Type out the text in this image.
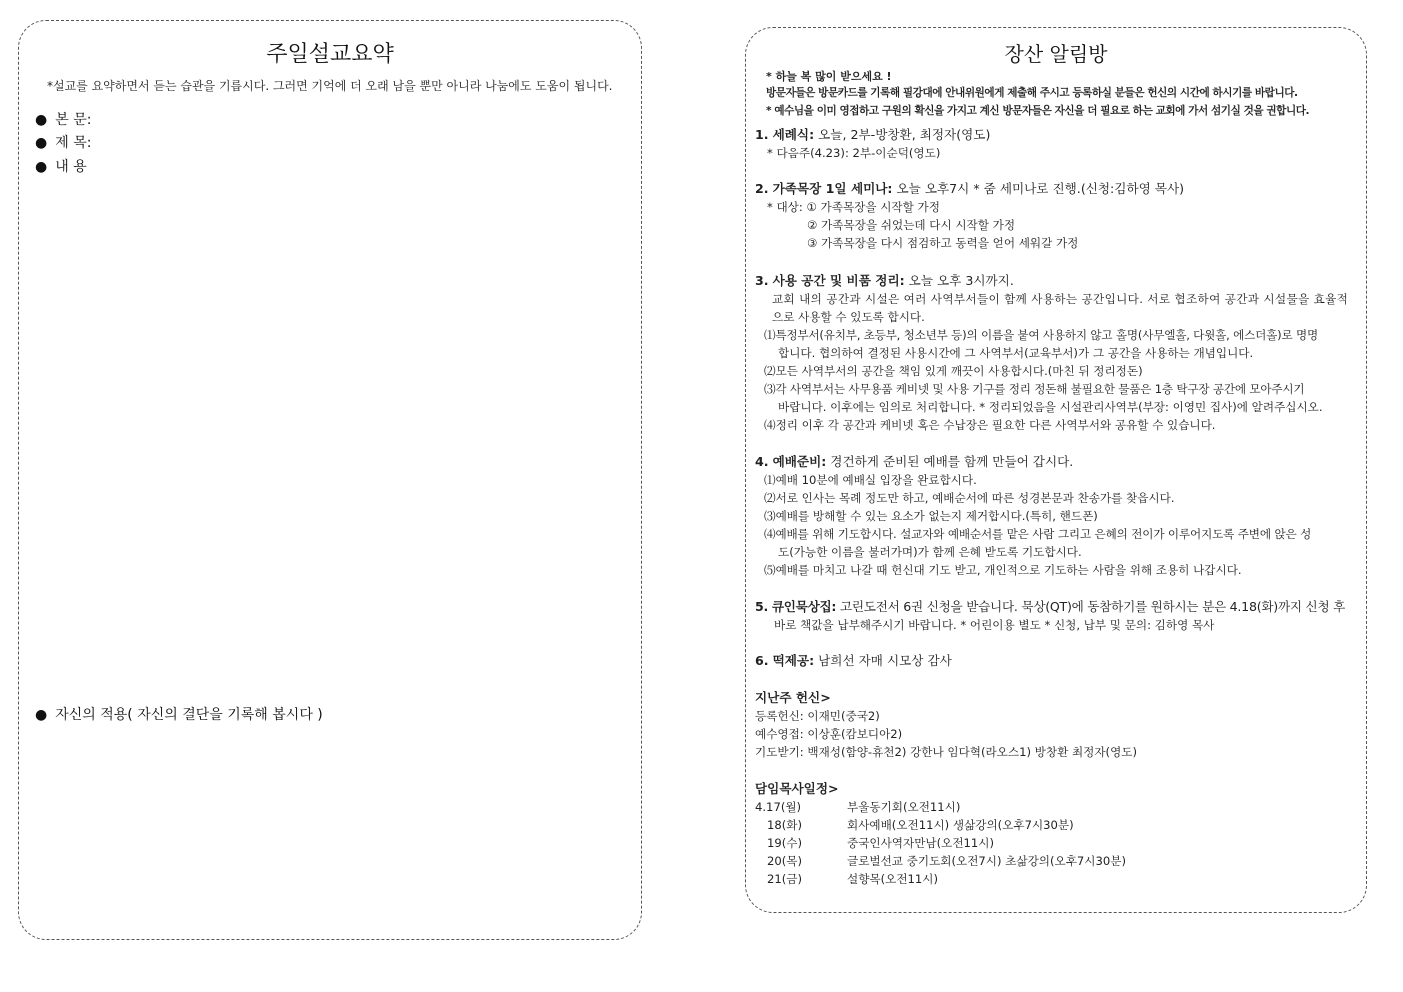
주일설교요약
*설교를 요약하면서 듣는 습관을 기릅시다. 그러면 기억에 더 오래 남을 뿐만 아니라 나눔에도 도움이 됩니다.
● 본 문:
● 제 목:
● 내 용
● 자신의 적용( 자신의 결단을 기록해 봅시다 )
장산 알림방
* 하늘 복 많이 받으세요 !
방문자들은 방문카드를 기록해 필강대에 안내위원에게 제출해 주시고 등록하실 분들은 헌신의 시간에 하시기를 바랍니다.
* 예수님을 이미 영접하고 구원의 확신을 가지고 계신 방문자들은 자신을 더 필요로 하는 교회에 가서 섬기실 것을 권합니다.
1. 세례식: 오늘, 2부-방창환, 최정자(영도)
* 다음주(4.23): 2부-이순덕(영도)
2. 가족목장 1일 세미나: 오늘 오후7시 * 줌 세미나로 진행.(신청:김하영 목사)
* 대상: ① 가족목장을 시작할 가정
② 가족목장을 쉬었는데 다시 시작할 가정
③ 가족목장을 다시 점검하고 동력을 얻어 세워갈 가정
3. 사용 공간 및 비품 정리: 오늘 오후 3시까지.
교회 내의 공간과 시설은 여러 사역부서들이 함께 사용하는 공간입니다. 서로 협조하여 공간과 시설물을 효율적
으로 사용할 수 있도록 합시다.
⑴특정부서(유치부, 초등부, 청소년부 등)의 이름을 붙여 사용하지 않고 홀명(사무엘홀, 다윗홀, 에스더홀)로 명명
합니다. 협의하여 결정된 사용시간에 그 사역부서(교육부서)가 그 공간을 사용하는 개념입니다.
⑵모든 사역부서의 공간을 책임 있게 깨끗이 사용합시다.(마친 뒤 정리정돈)
⑶각 사역부서는 사무용품 케비넷 및 사용 기구를 정리 정돈해 불필요한 물품은 1층 탁구장 공간에 모아주시기
바랍니다. 이후에는 임의로 처리합니다. * 정리되었음을 시설관리사역부(부장: 이영민 집사)에 알려주십시오.
⑷정리 이후 각 공간과 케비넷 혹은 수납장은 필요한 다른 사역부서와 공유할 수 있습니다.
4. 예배준비: 경건하게 준비된 예배를 함께 만들어 갑시다.
⑴예배 10분에 예배실 입장을 완료합시다.
⑵서로 인사는 목례 정도만 하고, 예배순서에 따른 성경본문과 찬송가를 찾읍시다.
⑶예배를 방해할 수 있는 요소가 없는지 제거합시다.(특히, 핸드폰)
⑷예배를 위해 기도합시다. 설교자와 예배순서를 맡은 사람 그리고 은혜의 전이가 이루어지도록 주변에 앉은 성
도(가능한 이름을 불러가며)가 함께 은혜 받도록 기도합시다.
⑸예배를 마치고 나갈 때 헌신대 기도 받고, 개인적으로 기도하는 사람을 위해 조용히 나갑시다.
5. 큐인묵상집: 고린도전서 6권 신청을 받습니다. 묵상(QT)에 동참하기를 원하시는 분은 4.18(화)까지 신청 후
바로 책값을 납부해주시기 바랍니다. * 어린이용 별도 * 신청, 납부 및 문의: 김하영 목사
6. 떡제공: 남희선 자매 시모상 감사
지난주 헌신>
등록헌신: 이재민(중국2)
예수영접: 이상훈(캄보디아2)
기도받기: 백재성(함양-휴천2) 강한나 임다혁(라오스1) 방창환 최정자(영도)
담임목사일정>
4.17(월)	부울동기회(오전11시)
18(화)	회사예배(오전11시) 생삶강의(오후7시30분)
19(수)	중국인사역자만남(오전11시)
20(목)	글로벌선교 중기도회(오전7시) 초삶강의(오후7시30분)
21(금)	설향목(오전11시)
